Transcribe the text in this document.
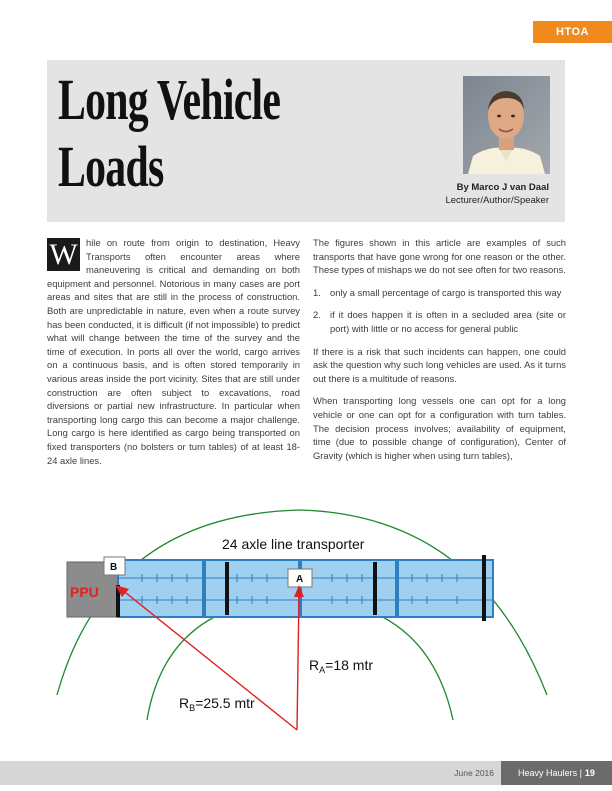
HTOA
Long Vehicle
Loads	By Marco J van Daal
Lecturer/Author/Speaker

W hile on route from origin to destination, Heavy Transports often encounter areas where maneuvering is critical and demanding on both equipment and personnel. Notorious in many cases are port areas and sites that are still in the process of construction. Both are unpredictable in nature, even when a route survey has been conducted, it is difficult (if not impossible) to predict what will change between the time of the survey and the time of execution. In ports all over the world, cargo arrives on a continuous basis, and is often stored temporarily in various areas inside the port vicinity. Sites that are still under construction are often subject to excavations, road diversions or partial new infrastructure. In particular when transporting long cargo this can become a major challenge. Long cargo is here identified as cargo being transported on fixed transporters (no bolsters or turn tables) of at least 18-24 axle lines.

The figures shown in this article are examples of such transports that have gone wrong for one reason or the other. These types of mishaps we do not see often for two reasons.

1. only a small percentage of cargo is transported this way
2. if it does happen it is often in a secluded area (site or port) with little or no access for general public

If there is a risk that such incidents can happen, one could ask the question why such long vehicles are used. As it turns out there is a multitude of reasons.

When transporting long vessels one can opt for a long vehicle or one can opt for a configuration with turn tables. The decision process involves; availability of equipment, time (due to possible change of configuration), Center of Gravity (which is higher when using turn tables),

PPU
24 axle line transporter
B
A
$R_A=18$ mtr
$R_B=25.5$ mtr
June 2016	Heavy Haulers | 19
